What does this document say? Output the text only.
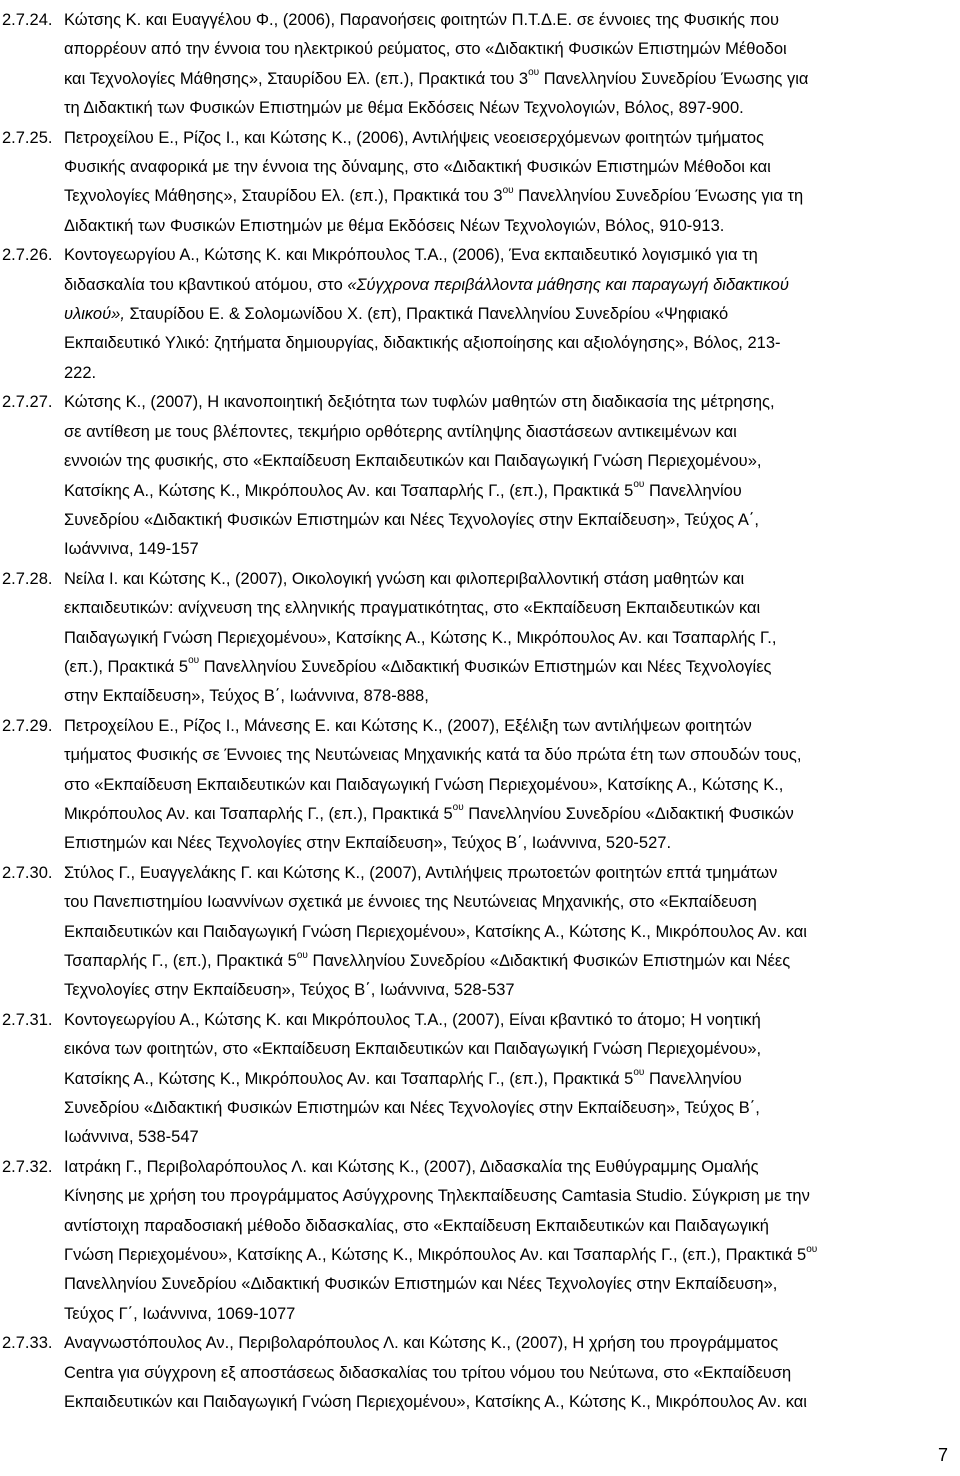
2.7.24. Κώτσης Κ. και Ευαγγέλου Φ., (2006), Παρανοήσεις φοιτητών Π.Τ.Δ.Ε. σε έννοιες της Φυσικής που
απορρέουν από την έννοια του ηλεκτρικού ρεύματος, στο «Διδακτική Φυσικών Επιστημών Μέθοδοι
και Τεχνολογίες Μάθησης», Σταυρίδου Ελ. (επ.), Πρακτικά του $3^{o\upsilon}$ Πανελληνίου Συνεδρίου Ένωσης για
τη Διδακτική των Φυσικών Επιστημών με θέμα Εκδόσεις Νέων Τεχνολογιών, Βόλος, 897-900.
2.7.25. Πετροχείλου Ε., Ρίζος Ι., και Κώτσης Κ., (2006), Αντιλήψεις νεοεισερχόμενων φοιτητών τμήματος
Φυσικής αναφορικά με την έννοια της δύναμης, στο «Διδακτική Φυσικών Επιστημών Μέθοδοι και
Τεχνολογίες Μάθησης», Σταυρίδου Ελ. (επ.), Πρακτικά του $3^{o\upsilon}$ Πανελληνίου Συνεδρίου Ένωσης για τη
Διδακτική των Φυσικών Επιστημών με θέμα Εκδόσεις Νέων Τεχνολογιών, Βόλος, 910-913.
2.7.26. Κοντογεωργίου Α., Κώτσης Κ. και Μικρόπουλος Τ.Α., (2006), Ένα εκπαιδευτικό λογισμικό για τη
διδασκαλία του κβαντικού ατόμου, στο «Σύγχρονα περιβάλλοντα μάθησης και παραγωγή διδακτικού
υλικού», Σταυρίδου Ε. & Σολομωνίδου Χ. (επ), Πρακτικά Πανελληνίου Συνεδρίου «Ψηφιακό
Εκπαιδευτικό Υλικό: ζητήματα δημιουργίας, διδακτικής αξιοποίησης και αξιολόγησης», Βόλος, 213-
222.
2.7.27. Κώτσης Κ., (2007), Η ικανοποιητική δεξιότητα των τυφλών μαθητών στη διαδικασία της μέτρησης,
σε αντίθεση με τους βλέποντες, τεκμήριο ορθότερης αντίληψης διαστάσεων αντικειμένων και
εννοιών της φυσικής, στο «Εκπαίδευση Εκπαιδευτικών και Παιδαγωγική Γνώση Περιεχομένου»,
Κατσίκης Α., Κώτσης Κ., Μικρόπουλος Αν. και Τσαπαρλής Γ., (επ.), Πρακτικά $5^{o\upsilon}$ Πανελληνίου
Συνεδρίου «Διδακτική Φυσικών Επιστημών και Νέες Τεχνολογίες στην Εκπαίδευση», Τεύχος Α΄,
Ιωάννινα, 149-157
2.7.28. Νείλα Ι. και Κώτσης Κ., (2007), Οικολογική γνώση και φιλοπεριβαλλοντική στάση μαθητών και
εκπαιδευτικών: ανίχνευση της ελληνικής πραγματικότητας, στο «Εκπαίδευση Εκπαιδευτικών και
Παιδαγωγική Γνώση Περιεχομένου», Κατσίκης Α., Κώτσης Κ., Μικρόπουλος Αν. και Τσαπαρλής Γ.,
(επ.), Πρακτικά $5^{o\upsilon}$ Πανελληνίου Συνεδρίου «Διδακτική Φυσικών Επιστημών και Νέες Τεχνολογίες
στην Εκπαίδευση», Τεύχος Β΄, Ιωάννινα, 878-888,
2.7.29. Πετροχείλου Ε., Ρίζος Ι., Μάνεσης Ε. και Κώτσης Κ., (2007), Εξέλιξη των αντιλήψεων φοιτητών
τμήματος Φυσικής σε Έννοιες της Νευτώνειας Μηχανικής κατά τα δύο πρώτα έτη των σπουδών τους,
στο «Εκπαίδευση Εκπαιδευτικών και Παιδαγωγική Γνώση Περιεχομένου», Κατσίκης Α., Κώτσης Κ.,
Μικρόπουλος Αν. και Τσαπαρλής Γ., (επ.), Πρακτικά $5^{o\upsilon}$ Πανελληνίου Συνεδρίου «Διδακτική Φυσικών
Επιστημών και Νέες Τεχνολογίες στην Εκπαίδευση», Τεύχος Β΄, Ιωάννινα, 520-527.
2.7.30. Στύλος Γ., Ευαγγελάκης Γ. και Κώτσης Κ., (2007), Αντιλήψεις πρωτοετών φοιτητών επτά τμημάτων
του Πανεπιστημίου Ιωαννίνων σχετικά με έννοιες της Νευτώνειας Μηχανικής, στο «Εκπαίδευση
Εκπαιδευτικών και Παιδαγωγική Γνώση Περιεχομένου», Κατσίκης Α., Κώτσης Κ., Μικρόπουλος Αν. και
Τσαπαρλής Γ., (επ.), Πρακτικά $5^{o\upsilon}$ Πανελληνίου Συνεδρίου «Διδακτική Φυσικών Επιστημών και Νέες
Τεχνολογίες στην Εκπαίδευση», Τεύχος Β΄, Ιωάννινα, 528-537
2.7.31. Κοντογεωργίου Α., Κώτσης Κ. και Μικρόπουλος Τ.Α., (2007), Είναι κβαντικό το άτομο; Η νοητική
εικόνα των φοιτητών, στο «Εκπαίδευση Εκπαιδευτικών και Παιδαγωγική Γνώση Περιεχομένου»,
Κατσίκης Α., Κώτσης Κ., Μικρόπουλος Αν. και Τσαπαρλής Γ., (επ.), Πρακτικά $5^{o\upsilon}$ Πανελληνίου
Συνεδρίου «Διδακτική Φυσικών Επιστημών και Νέες Τεχνολογίες στην Εκπαίδευση», Τεύχος Β΄,
Ιωάννινα, 538-547
2.7.32. Ιατράκη Γ., Περιβολαρόπουλος Λ. και Κώτσης Κ., (2007), Διδασκαλία της Ευθύγραμμης Ομαλής
Κίνησης με χρήση του προγράμματος Ασύγχρονης Τηλεκπαίδευσης Camtasia Studio. Σύγκριση με την
αντίστοιχη παραδοσιακή μέθοδο διδασκαλίας, στο «Εκπαίδευση Εκπαιδευτικών και Παιδαγωγική
Γνώση Περιεχομένου», Κατσίκης Α., Κώτσης Κ., Μικρόπουλος Αν. και Τσαπαρλής Γ., (επ.), Πρακτικά $5^{o\upsilon}$
Πανελληνίου Συνεδρίου «Διδακτική Φυσικών Επιστημών και Νέες Τεχνολογίες στην Εκπαίδευση»,
Τεύχος Γ΄, Ιωάννινα, 1069-1077
2.7.33. Αναγνωστόπουλος Αν., Περιβολαρόπουλος Λ. και Κώτσης Κ., (2007), Η χρήση του προγράμματος
Centra για σύγχρονη εξ αποστάσεως διδασκαλίας του τρίτου νόμου του Νεύτωνα, στο «Εκπαίδευση
Εκπαιδευτικών και Παιδαγωγική Γνώση Περιεχομένου», Κατσίκης Α., Κώτσης Κ., Μικρόπουλος Αν. και
7
